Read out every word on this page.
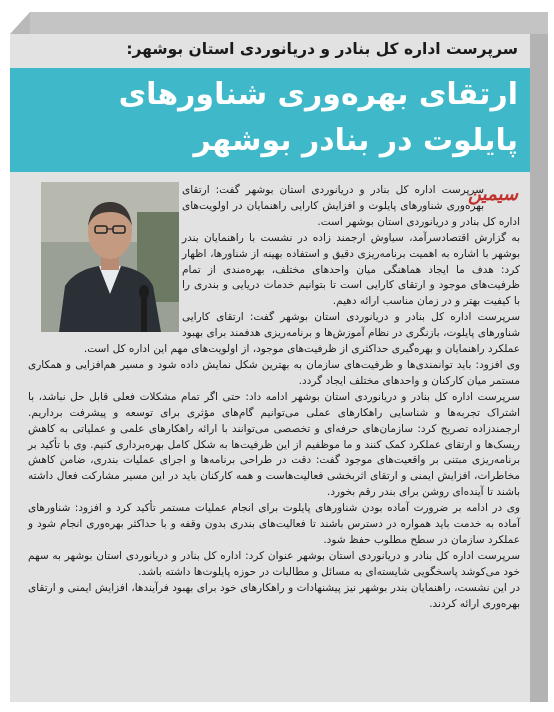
سرپرست اداره کل بنادر و دریانوردی استان بوشهر:
ارتقای بهره‌وری شناورهای پایلوت در بنادر بوشهر
سیمین

سرپرست اداره کل بنادر و دریانوردی استان بوشهر گفت: ارتقای بهره‌وری شناورهای پایلوت و افزایش کارایی راهنمایان در اولویت‌های اداره کل بنادر و دریانوردی استان بوشهر است.

به گزارش اقتصادسرآمد، سیاوش ارجمند زاده در نشست با راهنمایان بندر بوشهر با اشاره به اهمیت برنامه‌ریزی دقیق و استفاده بهینه از شناورها، اظهار کرد: هدف ما ایجاد هماهنگی میان واحدهای مختلف، بهره‌مندی از تمام ظرفیت‌های موجود و ارتقای کارایی است تا بتوانیم خدمات دریایی و بندری را با کیفیت بهتر و در زمان مناسب ارائه دهیم.

سرپرست اداره کل بنادر و دریانوردی استان بوشهر گفت: ارتقای کارایی شناورهای پایلوت، بازنگری در نظام آموزش‌ها و برنامه‌ریزی هدفمند برای بهبود عملکرد راهنمایان و بهره‌گیری حداکثری از ظرفیت‌های موجود، از اولویت‌های مهم این اداره کل است.

وی افزود: باید توانمندی‌ها و ظرفیت‌های سازمان به بهترین شکل نمایش داده شود و مسیر هم‌افزایی و همکاری مستمر میان کارکنان و واحدهای مختلف ایجاد گردد.

سرپرست اداره کل بنادر و دریانوردی استان بوشهر ادامه داد: حتی اگر تمام مشکلات فعلی قابل حل نباشد، با اشتراک تجربه‌ها و شناسایی راهکارهای عملی می‌توانیم گام‌های مؤثری برای توسعه و پیشرفت برداریم. ارجمندزاده تصریح کرد: سازمان‌های حرفه‌ای و تخصصی می‌توانند با ارائه راهکارهای علمی و عملیاتی به کاهش ریسک‌ها و ارتقای عملکرد کمک کنند و ما موظفیم از این ظرفیت‌ها به شکل کامل بهره‌برداری کنیم. وی با تأکید بر برنامه‌ریزی مبتنی بر واقعیت‌های موجود گفت: دقت در طراحی برنامه‌ها و اجرای عملیات بندری، ضامن کاهش مخاطرات، افزایش ایمنی و ارتقای اثربخشی فعالیت‌هاست و همه کارکنان باید در این مسیر مشارکت فعال داشته باشند تا آینده‌ای روشن برای بندر رقم بخورد.

وی در ادامه بر ضرورت آماده بودن شناورهای پایلوت برای انجام عملیات مستمر تأکید کرد و افزود: شناورهای آماده به خدمت باید همواره در دسترس باشند تا فعالیت‌های بندری بدون وقفه و با حداکثر بهره‌وری انجام شود و عملکرد سازمان در سطح مطلوب حفظ شود.

سرپرست اداره کل بنادر و دریانوردی استان بوشهر عنوان کرد: اداره کل بنادر و دریانوردی استان بوشهر به سهم خود می‌کوشد پاسخگویی شایسته‌ای به مسائل و مطالبات در حوزه پایلوت‌ها داشته باشد.

در این نشست، راهنمایان بندر بوشهر نیز پیشنهادات و راهکارهای خود برای بهبود فرآیندها، افزایش ایمنی و ارتقای بهره‌وری ارائه کردند.
